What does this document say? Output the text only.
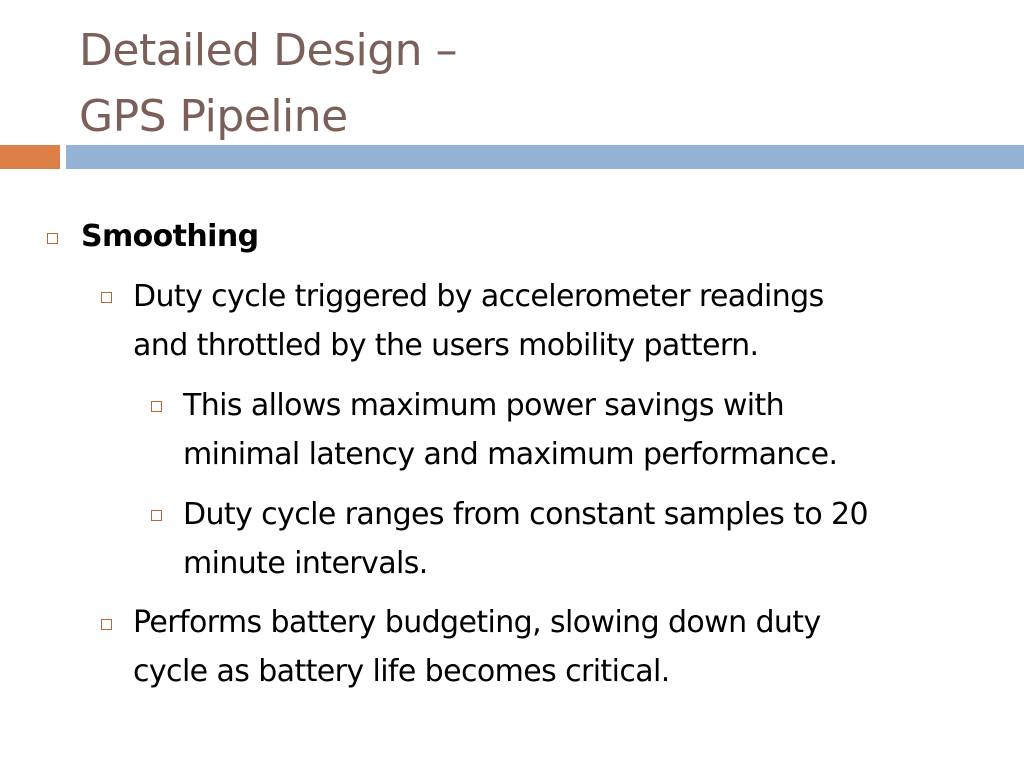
Detailed Design –
GPS Pipeline
Smoothing
Duty cycle triggered by accelerometer readings
and throttled by the users mobility pattern.
This allows maximum power savings with
minimal latency and maximum performance.
Duty cycle ranges from constant samples to 20
minute intervals.
Performs battery budgeting, slowing down duty
cycle as battery life becomes critical.
